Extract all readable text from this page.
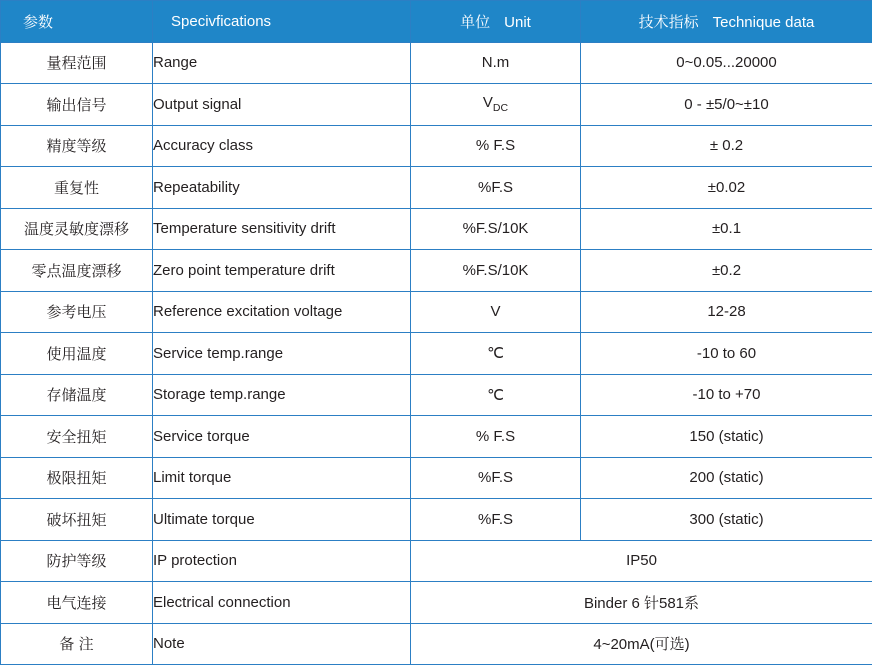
参数	Specivfications	单位 Unit	技术指标 Technique data
量程范围	Range	N.m	0~0.05...20000
输出信号	Output signal	$V_{DC}$	0 - ±5/0~±10
精度等级	Accuracy class	% F.S	± 0.2
重复性	Repeatability	%F.S	±0.02
温度灵敏度漂移	Temperature sensitivity drift	%F.S/10K	±0.1
零点温度漂移	Zero point temperature drift	%F.S/10K	±0.2
参考电压	Reference excitation voltage	V	12-28
使用温度	Service temp.range	℃	-10 to 60
存储温度	Storage temp.range	℃	-10 to +70
安全扭矩	Service torque	% F.S	150 (static)
极限扭矩	Limit torque	%F.S	200 (static)
破坏扭矩	Ultimate torque	%F.S	300 (static)
防护等级	IP protection	IP50	
电气连接	Electrical connection	Binder 6 针581系	
备 注	Note	4~20mA(可选)	
